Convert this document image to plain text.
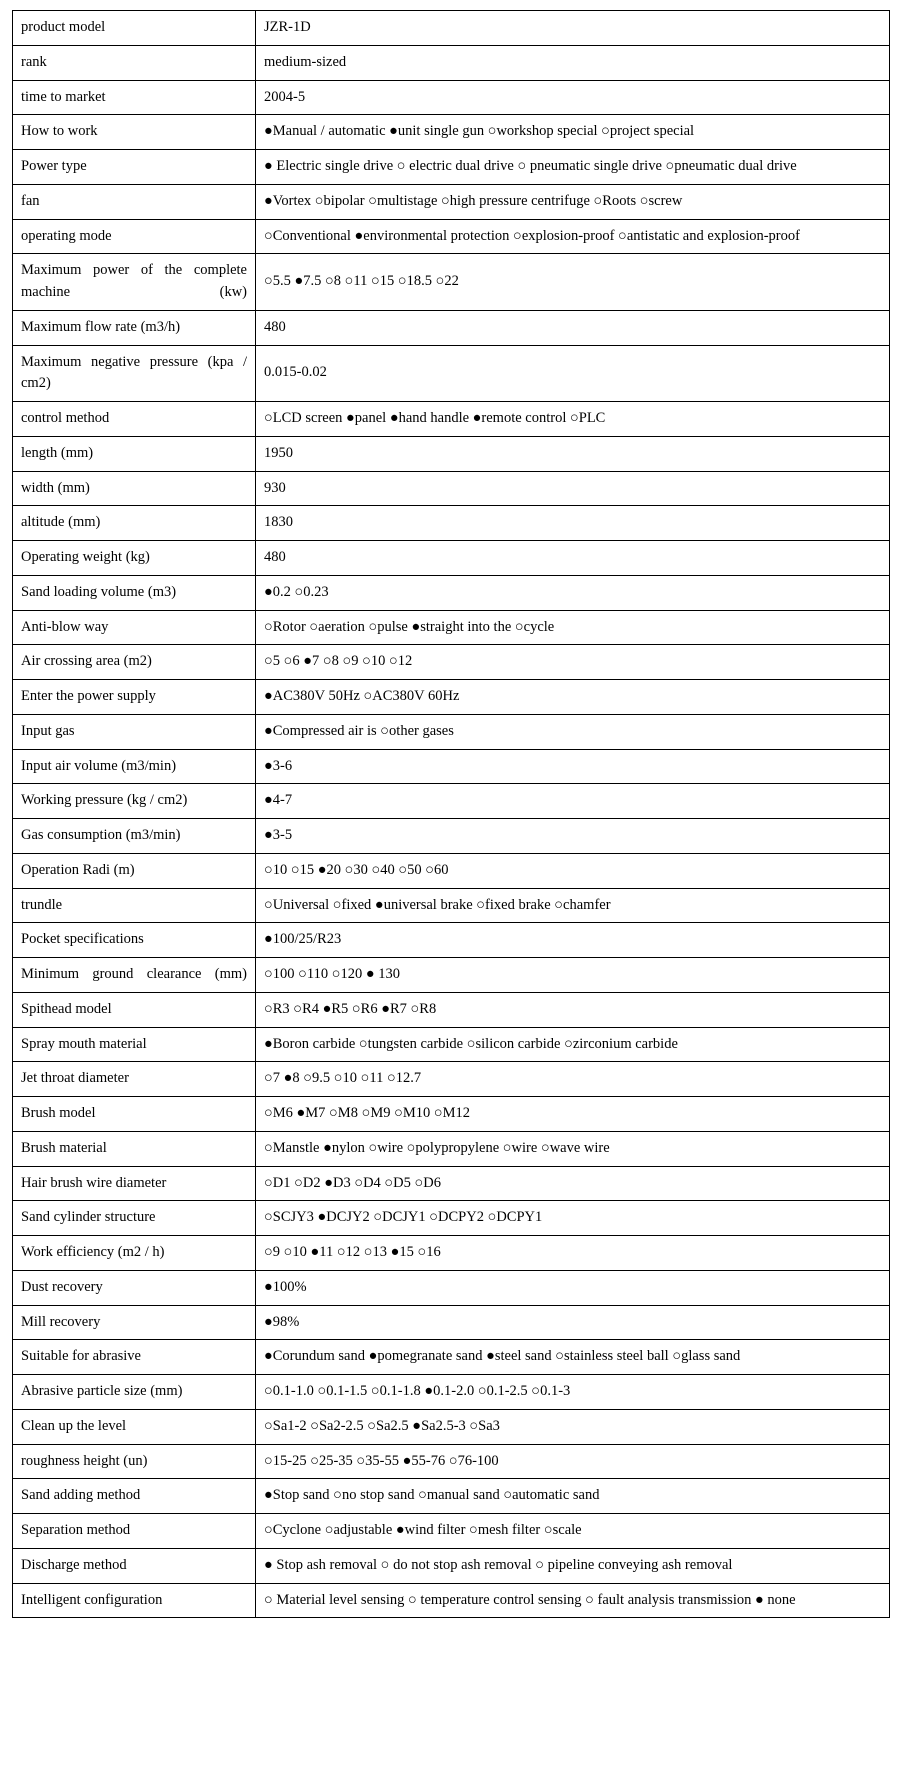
product model	JZR-1D
rank	medium-sized
time to market	2004-5
How to work	●Manual / automatic ●unit single gun ○workshop special ○project special
Power type	● Electric single drive ○ electric dual drive ○ pneumatic single drive ○pneumatic dual drive
fan	●Vortex ○bipolar ○multistage ○high pressure centrifuge ○Roots ○screw
operating mode	○Conventional ●environmental protection ○explosion-proof ○antistatic and explosion-proof
Maximum power of the complete machine (kw)	○5.5 ●7.5 ○8 ○11 ○15 ○18.5 ○22
Maximum flow rate (m3/h)	480
Maximum negative pressure (kpa / cm2)	0.015-0.02
control method	○LCD screen ●panel ●hand handle ●remote control ○PLC
length (mm)	1950
width (mm)	930
altitude (mm)	1830
Operating weight (kg)	480
Sand loading volume (m3)	●0.2 ○0.23
Anti-blow way	○Rotor ○aeration ○pulse ●straight into the ○cycle
Air crossing area (m2)	○5 ○6 ●7 ○8 ○9 ○10 ○12
Enter the power supply	●AC380V 50Hz ○AC380V 60Hz
Input gas	●Compressed air is ○other gases
Input air volume (m3/min)	●3-6
Working pressure (kg / cm2)	●4-7
Gas consumption (m3/min)	●3-5
Operation Radi (m)	○10 ○15 ●20 ○30 ○40 ○50 ○60
trundle	○Universal ○fixed ●universal brake ○fixed brake ○chamfer
Pocket specifications	●100/25/R23
Minimum ground clearance (mm)	○100 ○110 ○120 ● 130
Spithead model	○R3 ○R4 ●R5 ○R6 ●R7 ○R8
Spray mouth material	●Boron carbide ○tungsten carbide ○silicon carbide ○zirconium carbide
Jet throat diameter	○7 ●8 ○9.5 ○10 ○11 ○12.7
Brush model	○M6 ●M7 ○M8 ○M9 ○M10 ○M12
Brush material	○Manstle ●nylon ○wire ○polypropylene ○wire ○wave wire
Hair brush wire diameter	○D1 ○D2 ●D3 ○D4 ○D5 ○D6
Sand cylinder structure	○SCJY3 ●DCJY2 ○DCJY1 ○DCPY2 ○DCPY1
Work efficiency (m2 / h)	○9 ○10 ●11 ○12 ○13 ●15 ○16
Dust recovery	●100%
Mill recovery	●98%
Suitable for abrasive	●Corundum sand ●pomegranate sand ●steel sand ○stainless steel ball ○glass sand
Abrasive particle size (mm)	○0.1-1.0 ○0.1-1.5 ○0.1-1.8 ●0.1-2.0 ○0.1-2.5 ○0.1-3
Clean up the level	○Sa1-2 ○Sa2-2.5 ○Sa2.5 ●Sa2.5-3 ○Sa3
roughness height (un)	○15-25 ○25-35 ○35-55 ●55-76 ○76-100
Sand adding method	●Stop sand ○no stop sand ○manual sand ○automatic sand
Separation method	○Cyclone ○adjustable ●wind filter ○mesh filter ○scale
Discharge method	● Stop ash removal ○ do not stop ash removal ○ pipeline conveying ash removal
Intelligent configuration	○ Material level sensing ○ temperature control sensing ○ fault analysis transmission ● none
